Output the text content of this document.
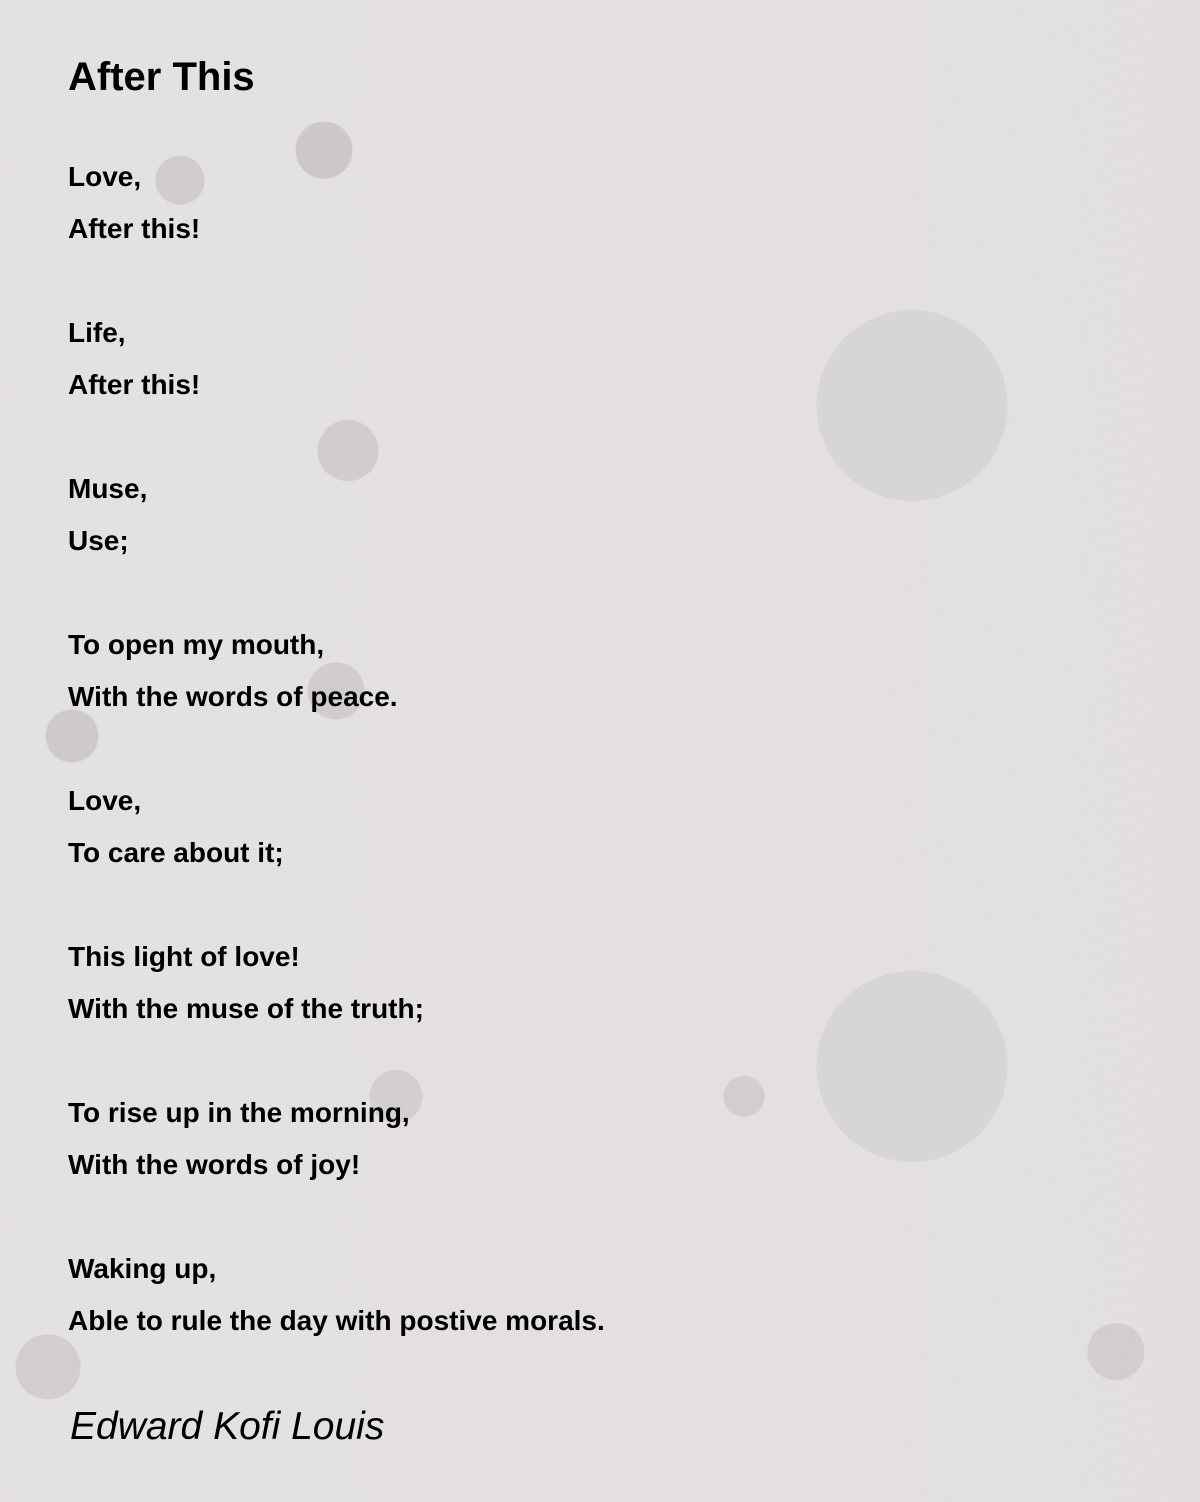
After This
Love,
After this!
Life,
After this!
Muse,
Use;
To open my mouth,
With the words of peace.
Love,
To care about it;
This light of love!
With the muse of the truth;
To rise up in the morning,
With the words of joy!
Waking up,
Able to rule the day with postive morals.
Edward Kofi Louis
